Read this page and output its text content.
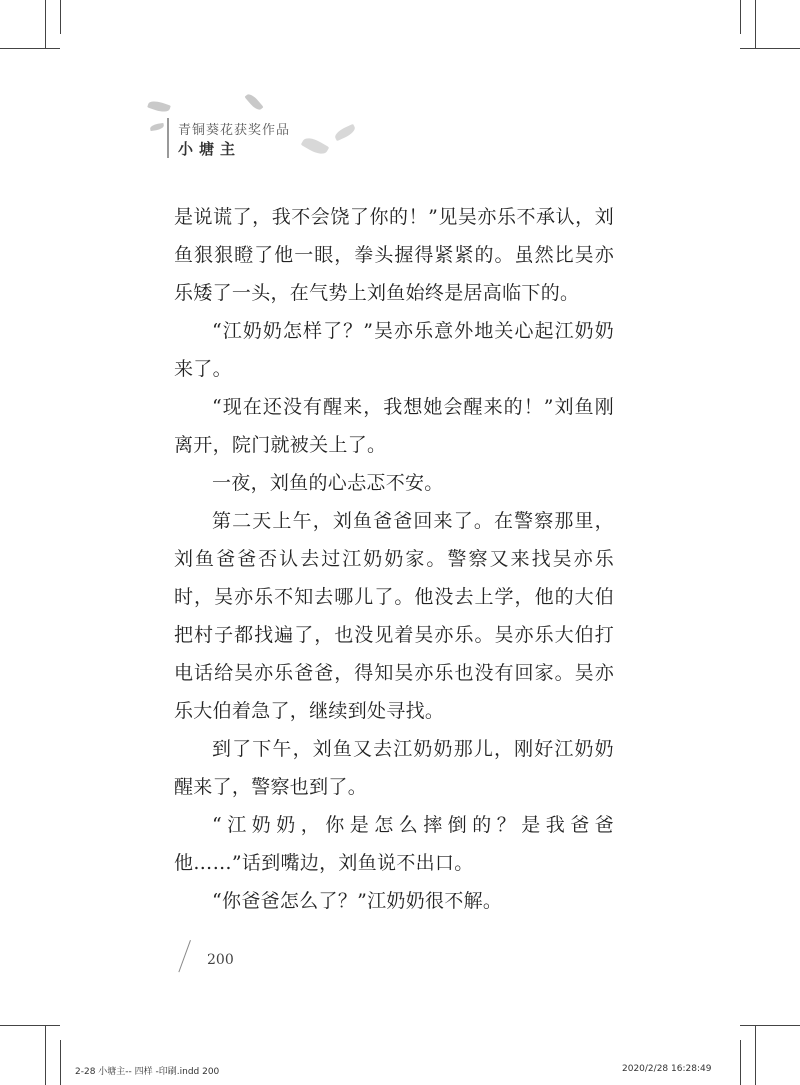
青铜葵花获奖作品
小塘主

是说谎了，我不会饶了你的！”见吴亦乐不承认，刘鱼狠狠瞪了他一眼，拳头握得紧紧的。虽然比吴亦乐矮了一头，在气势上刘鱼始终是居高临下的。

“江奶奶怎样了？”吴亦乐意外地关心起江奶奶来了。

“现在还没有醒来，我想她会醒来的！”刘鱼刚离开，院门就被关上了。

一夜，刘鱼的心忐忑不安。

第二天上午，刘鱼爸爸回来了。在警察那里，刘鱼爸爸否认去过江奶奶家。警察又来找吴亦乐时，吴亦乐不知去哪儿了。他没去上学，他的大伯把村子都找遍了，也没见着吴亦乐。吴亦乐大伯打电话给吴亦乐爸爸，得知吴亦乐也没有回家。吴亦乐大伯着急了，继续到处寻找。

到了下午，刘鱼又去江奶奶那儿，刚好江奶奶醒来了，警察也到了。

“江奶奶，你是怎么摔倒的？是我爸爸他……”话到嘴边，刘鱼说不出口。

“你爸爸怎么了？”江奶奶很不解。

200
2-28 小塘主-- 四样 -印刷.indd 200	2020/2/28 16:28:49
